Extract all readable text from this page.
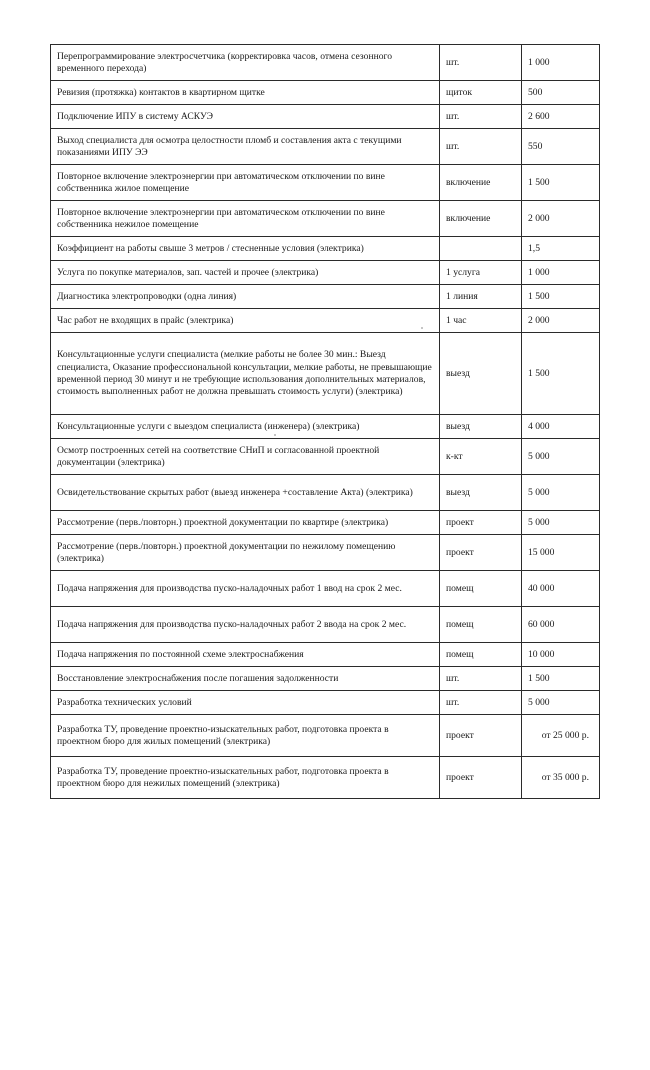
Перепрограммирование электросчетчика (корректировка часов, отмена сезонного временного перехода)	шт.	1 000
Ревизия (протяжка) контактов в квартирном щитке	щиток	500
Подключение ИПУ в систему АСКУЭ	шт.	2 600
Выход специалиста для осмотра целостности пломб и составления акта с текущими показаниями ИПУ ЭЭ	шт.	550
Повторное включение электроэнергии при автоматическом отключении по вине собственника жилое помещение	включение	1 500
Повторное включение электроэнергии при автоматическом отключении по вине собственника нежилое помещение	включение	2 000
Коэффициент на работы свыше 3 метров / стесненные условия (электрика)		1,5
Услуга по покупке материалов, зап. частей и прочее (электрика)	1 услуга	1 000
Диагностика электропроводки (одна линия)	1 линия	1 500
Час работ не входящих в прайс (электрика)	1 час	2 000
Консультационные услуги специалиста (мелкие работы не более 30 мин.: Выезд специалиста, Оказание профессиональной консультации, мелкие работы, не превышающие временной период 30 минут и не требующие использования дополнительных материалов, стоимость выполненных работ не должна превышать стоимость услуги) (электрика)	выезд	1 500
Консультационные услуги с выездом специалиста (инженера) (электрика)	выезд	4 000
Осмотр построенных сетей на соответствие СНиП и согласованной проектной документации (электрика)	к-кт	5 000
Освидетельствование скрытых работ (выезд инженера +составление Акта) (электрика)	выезд	5 000
Рассмотрение (перв./повторн.) проектной документации по квартире (электрика)	проект	5 000
Рассмотрение (перв./повторн.) проектной документации по нежилому помещению (электрика)	проект	15 000
Подача напряжения для производства пуско-наладочных работ 1 ввод на срок 2 мес.	помещ	40 000
Подача напряжения для производства пуско-наладочных работ 2 ввода на срок 2 мес.	помещ	60 000
Подача напряжения по постоянной схеме электроснабжения	помещ	10 000
Восстановление электроснабжения после погашения задолженности	шт.	1 500
Разработка технических условий	шт.	5 000
Разработка ТУ, проведение проектно-изыскательных работ, подготовка проекта в проектном бюро для жилых помещений (электрика)	проект	от 25 000 р.
Разработка ТУ, проведение проектно-изыскательных работ, подготовка проекта в проектном бюро для нежилых помещений (электрика)	проект	от 35 000 р.
